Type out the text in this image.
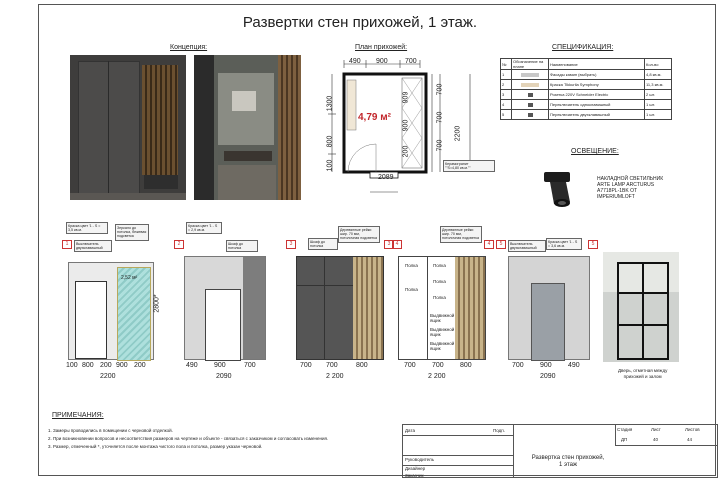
Развертки стен прихожей, 1 этаж.
Концепция:	План прихожей:
490 900 700
4,79 м²
1300
800
100
700
700
700
2200
909
900
200
2089
Керамогранит
""S=4,80 кв.м.""
СПЕЦИФИКАЦИЯ:
№	Обозначение на плане	Наименование	Кол-во
1		Фасады камин (выбрать)	4,8 кв.м.
2		Краска Tikkurila Symphony	11,3 кв.м.
3		Розетка 220V Schneider Electric	2 шт.
4		Переключатель одноклавишный	1 шт.
5		Переключатель двухклавишный	1 шт.
ОСВЕЩЕНИЕ:
НАКЛАДНОЙ СВЕТИЛЬНИК
ARTE LAMP ARCTURUS
A7718PL-1BK ОТ
IMPERIUMLOFT
1
Краска цвет '1 - S = 3,5 кв.м.
Выключатель двухклавишный
Зеркало до потолка, бежевая подсветка
2,52 м²
2800*
100 800 200 900 200
2200
2
Краска цвет '1 - S = 2,9 кв.м.
Шкаф до потолка
490 900	700
2090
3	Шкаф до потолка
Деревянные рейки шир. 70 мм, потолочная подсветка
3
700 700	800
2 200
4
Деревянные рейки шир. 70 мм, потолочная подсветка
4
Полка	Полка
Полка
Полка
Полка
Выдвижной ящик
Выдвижной ящик
Выдвижной ящик
700 700 800
2 200
5	Выключатель двухклавишный
Краска цвет '1 - S = 3,6 кв.м.	5
700 900 490
2090
Дверь, отметная между
прихожей и залом
ПРИМЕЧАНИЯ:
1. Замеры проводились в помещении с черновой отделкой.
2. При возникновении вопросов и несоответствия размеров на чертеже и объекте - связаться с заказчиком и согласовать изменения.
3. Размер, отмеченный *, уточняется после монтажа чистого пола и потолка, размер указан черновой.
Дата	Подп.
Руководитель
Дизайнер
Заказчик
Развертка стен прихожей,
1 этаж
Стадия	Лист	Листов
ДП	40	44
